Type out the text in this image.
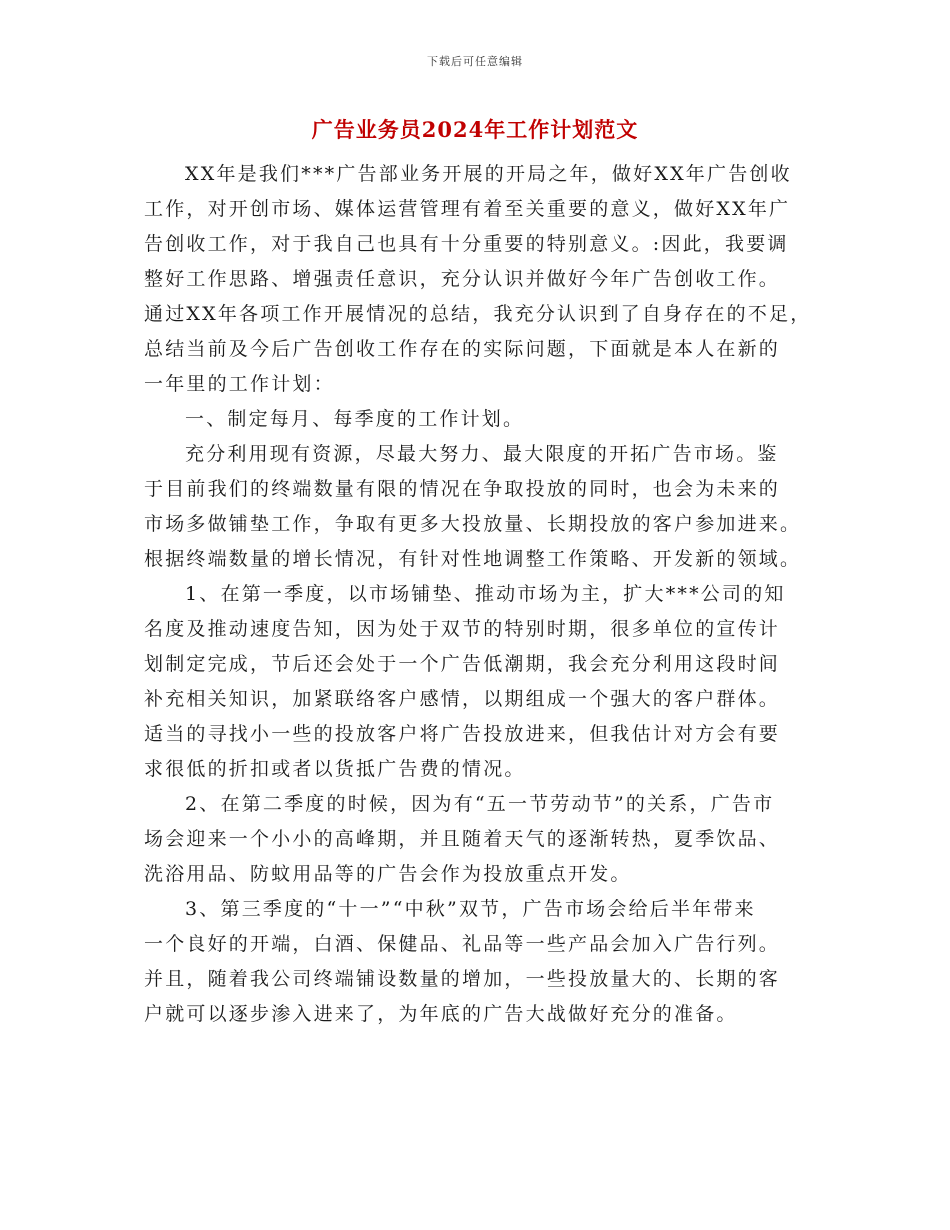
下载后可任意编辑
广告业务员2024年工作计划范文
XX年是我们***广告部业务开展的开局之年，做好XX年广告创收
工作，对开创市场、媒体运营管理有着至关重要的意义，做好XX年广
告创收工作，对于我自己也具有十分重要的特别意义。:因此，我要调
整好工作思路、增强责任意识，充分认识并做好今年广告创收工作。
通过XX年各项工作开展情况的总结，我充分认识到了自身存在的不足，
总结当前及今后广告创收工作存在的实际问题，下面就是本人在新的
一年里的工作计划：
一、制定每月、每季度的工作计划。
充分利用现有资源，尽最大努力、最大限度的开拓广告市场。鉴
于目前我们的终端数量有限的情况在争取投放的同时，也会为未来的
市场多做铺垫工作，争取有更多大投放量、长期投放的客户参加进来。
根据终端数量的增长情况，有针对性地调整工作策略、开发新的领域。
1、在第一季度，以市场铺垫、推动市场为主，扩大***公司的知
名度及推动速度告知，因为处于双节的特别时期，很多单位的宣传计
划制定完成，节后还会处于一个广告低潮期，我会充分利用这段时间
补充相关知识，加紧联络客户感情，以期组成一个强大的客户群体。
适当的寻找小一些的投放客户将广告投放进来，但我估计对方会有要
求很低的折扣或者以货抵广告费的情况。
2、在第二季度的时候，因为有“五一节劳动节”的关系，广告市
场会迎来一个小小的高峰期，并且随着天气的逐渐转热，夏季饮品、
洗浴用品、防蚊用品等的广告会作为投放重点开发。
3、第三季度的“十一”“中秋”双节，广告市场会给后半年带来
一个良好的开端，白酒、保健品、礼品等一些产品会加入广告行列。
并且，随着我公司终端铺设数量的增加，一些投放量大的、长期的客
户就可以逐步渗入进来了，为年底的广告大战做好充分的准备。
